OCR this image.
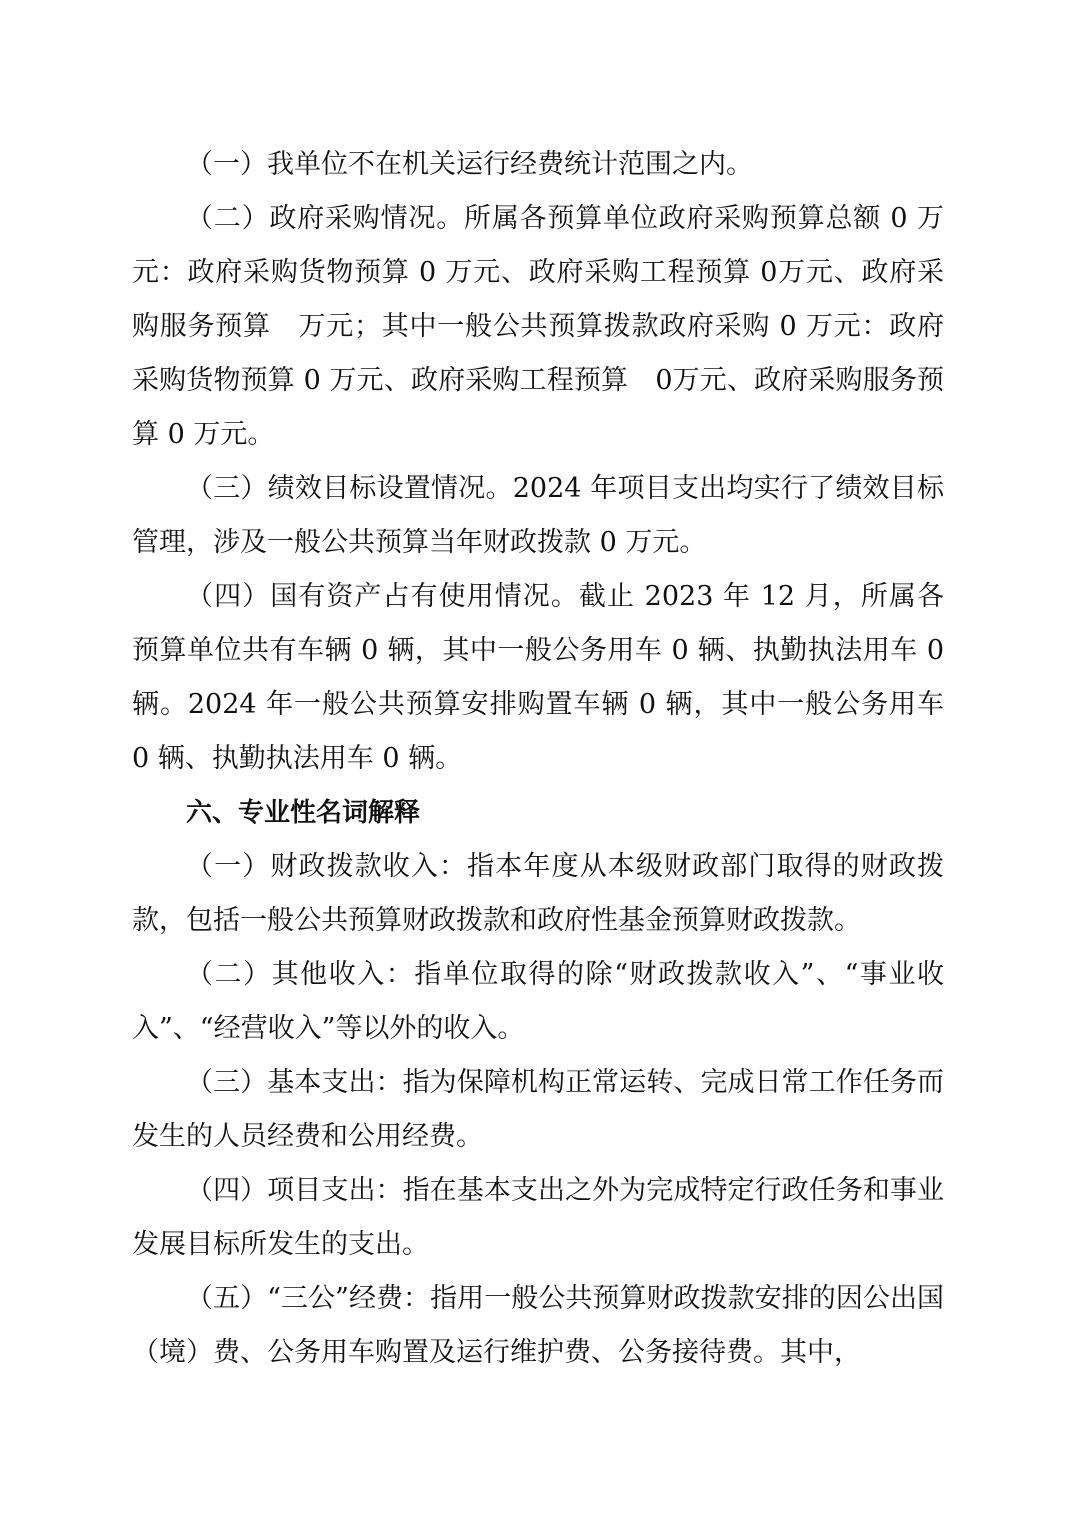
（一）我单位不在机关运行经费统计范围之内。

（二）政府采购情况。所属各预算单位政府采购预算总额 0 万元：政府采购货物预算 0 万元、政府采购工程预算 0万元、政府采购服务预算　万元；其中一般公共预算拨款政府采购 0 万元：政府采购货物预算 0 万元、政府采购工程预算　0万元、政府采购服务预算 0 万元。

（三）绩效目标设置情况。2024 年项目支出均实行了绩效目标管理，涉及一般公共预算当年财政拨款 0 万元。

（四）国有资产占有使用情况。截止 2023 年 12 月，所属各预算单位共有车辆 0 辆，其中一般公务用车 0 辆、执勤执法用车 0 辆。2024 年一般公共预算安排购置车辆 0 辆，其中一般公务用车 0 辆、执勤执法用车 0 辆。

六、专业性名词解释

（一）财政拨款收入：指本年度从本级财政部门取得的财政拨款，包括一般公共预算财政拨款和政府性基金预算财政拨款。

（二）其他收入：指单位取得的除“财政拨款收入”、“事业收入”、“经营收入”等以外的收入。

（三）基本支出：指为保障机构正常运转、完成日常工作任务而发生的人员经费和公用经费。

（四）项目支出：指在基本支出之外为完成特定行政任务和事业发展目标所发生的支出。

（五）“三公”经费：指用一般公共预算财政拨款安排的因公出国（境）费、公务用车购置及运行维护费、公务接待费。其中，
